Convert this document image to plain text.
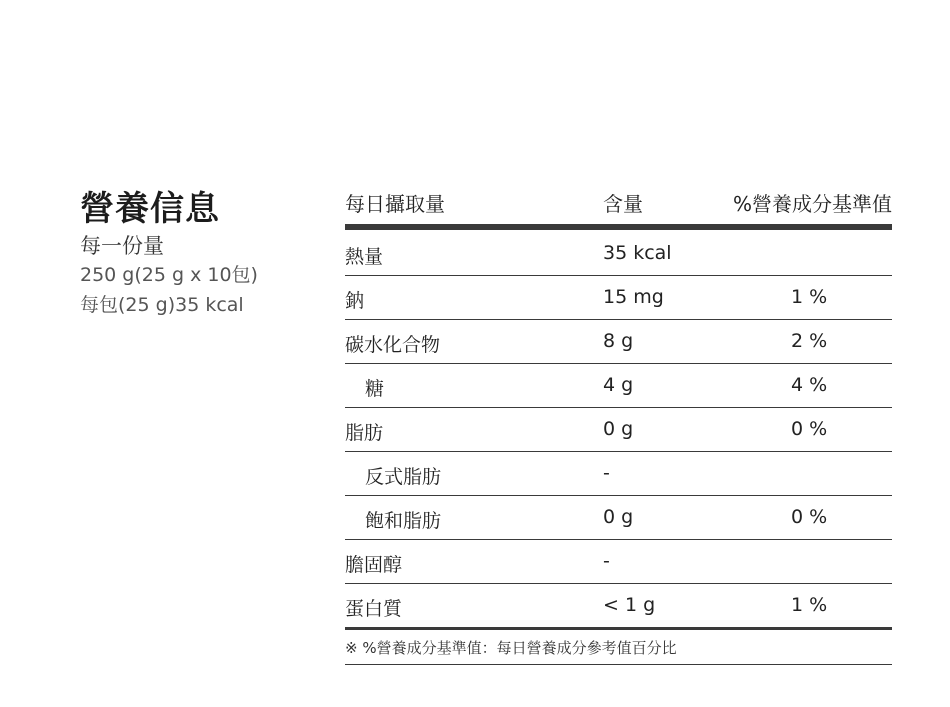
營養信息
每一份量
250 g(25 g x 10包)
每包(25 g)35 kcal
每日攝取量	含量	%營養成分基準值
熱量	35 kcal
鈉	15 mg	1 %
碳水化合物	8 g	2 %
糖	4 g	4 %
脂肪	0 g	0 %
反式脂肪	-
飽和脂肪	0 g	0 %
膽固醇	-
蛋白質	< 1 g	1 %
※ %營養成分基準值：每日營養成分參考值百分比
